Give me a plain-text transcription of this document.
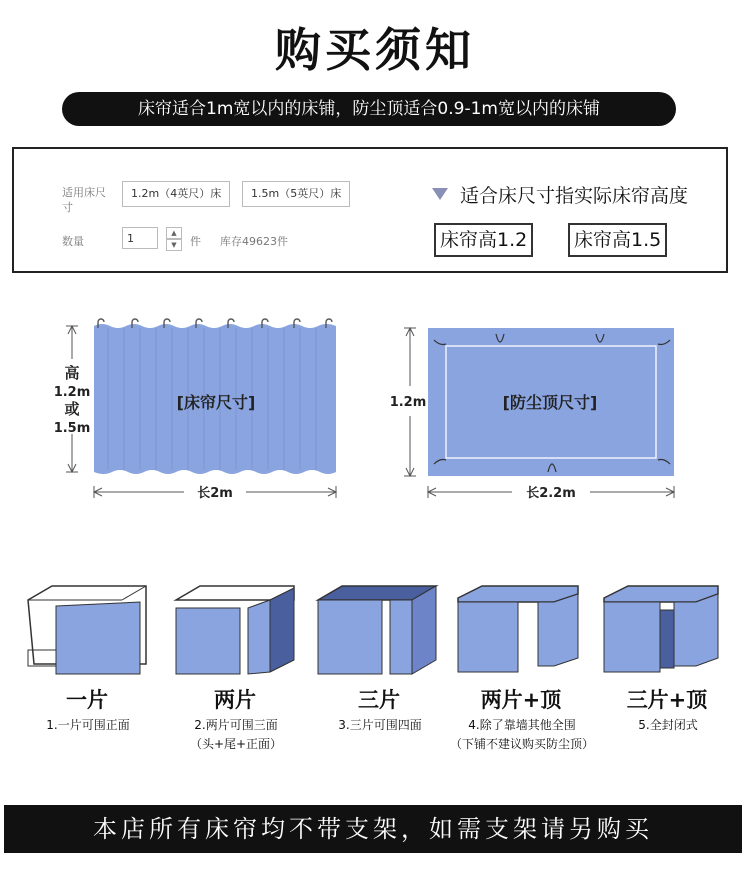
购买须知
床帘适合1m宽以内的床铺，防尘顶适合0.9-1m宽以内的床铺
适用床尺寸
1.2m（4英尺）床	1.5m（5英尺）床
数量	1	▲
▼	件 库存49623件
适合床尺寸指实际床帘高度
床帘高1.2	床帘高1.5
高
1.2m
或
1.5m
[床帘尺寸]
长2m
1.2m	[防尘顶尺寸]
长2.2m
一片	两片	三片	两片+顶	三片+顶
1.一片可围正面	2.两片可围三面
（头+尾+正面）
3.三片可围四面	4.除了靠墙其他全围
（下铺不建议购买防尘顶）
5.全封闭式
本店所有床帘均不带支架，如需支架请另购买
